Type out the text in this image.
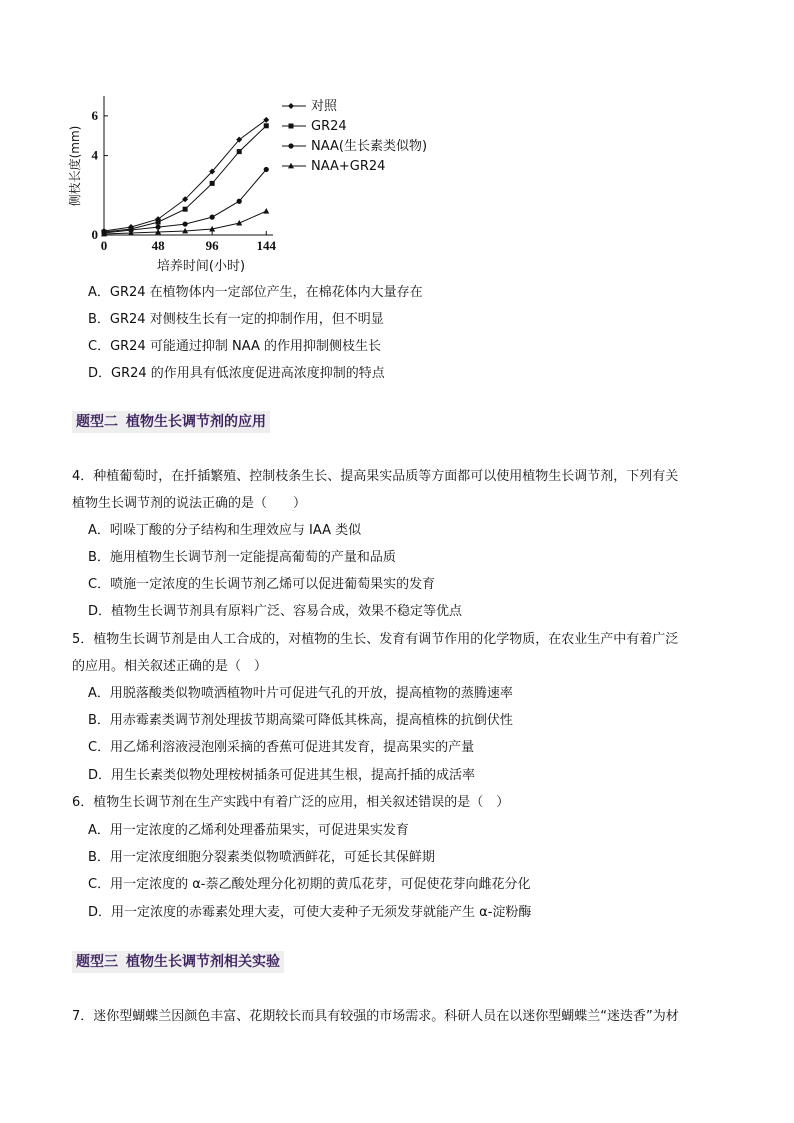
0	48	96	144
0
4
6
侧枝长度(mm)
培养时间(小时)
对照
GR24
NAA(生长素类似物)
NAA+GR24
A．GR24 在植物体内一定部位产生，在棉花体内大量存在
B．GR24 对侧枝生长有一定的抑制作用，但不明显
C．GR24 可能通过抑制 NAA 的作用抑制侧枝生长
D．GR24 的作用具有低浓度促进高浓度抑制的特点
题型二 植物生长调节剂的应用
4．种植葡萄时，在扦插繁殖、控制枝条生长、提高果实品质等方面都可以使用植物生长调节剂，下列有关
植物生长调节剂的说法正确的是（　　）
A．吲哚丁酸的分子结构和生理效应与 IAA 类似
B．施用植物生长调节剂一定能提高葡萄的产量和品质
C．喷施一定浓度的生长调节剂乙烯可以促进葡萄果实的发育
D．植物生长调节剂具有原料广泛、容易合成，效果不稳定等优点
5．植物生长调节剂是由人工合成的，对植物的生长、发育有调节作用的化学物质，在农业生产中有着广泛
的应用。相关叙述正确的是（　）
A．用脱落酸类似物喷洒植物叶片可促进气孔的开放，提高植物的蒸腾速率
B．用赤霉素类调节剂处理拔节期高粱可降低其株高，提高植株的抗倒伏性
C．用乙烯利溶液浸泡刚采摘的香蕉可促进其发育，提高果实的产量
D．用生长素类似物处理桉树插条可促进其生根，提高扦插的成活率
6．植物生长调节剂在生产实践中有着广泛的应用，相关叙述错误的是（　）
A．用一定浓度的乙烯利处理番茄果实，可促进果实发育
B．用一定浓度细胞分裂素类似物喷洒鲜花，可延长其保鲜期
C．用一定浓度的 α-萘乙酸处理分化初期的黄瓜花芽，可促使花芽向雌花分化
D．用一定浓度的赤霉素处理大麦，可使大麦种子无须发芽就能产生 α-淀粉酶
题型三 植物生长调节剂相关实验
7．迷你型蝴蝶兰因颜色丰富、花期较长而具有较强的市场需求。科研人员在以迷你型蝴蝶兰“迷迭香”为材
